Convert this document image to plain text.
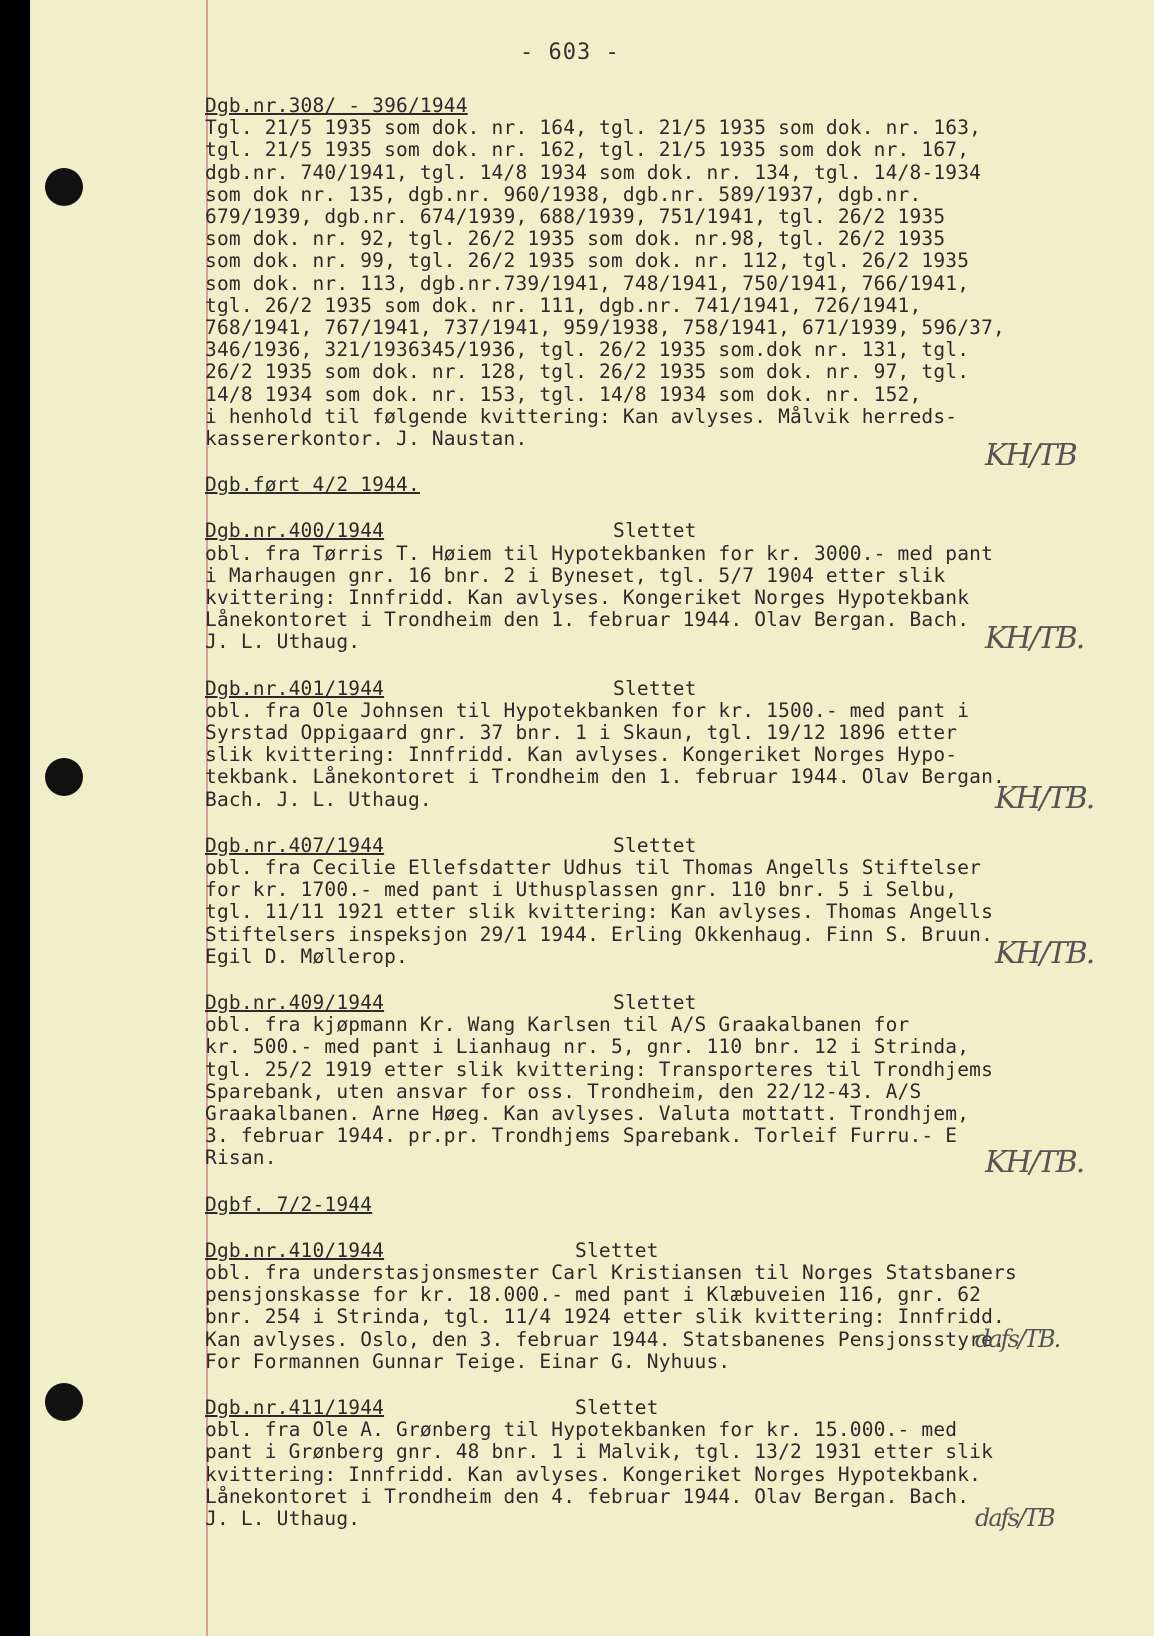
- 603 -
Dgb.nr.308/ - 396/1944

Tgl. 21/5 1935 som dok. nr. 164, tgl. 21/5 1935 som dok. nr. 163,
tgl. 21/5 1935 som dok. nr. 162, tgl. 21/5 1935 som dok nr. 167,
dgb.nr. 740/1941, tgl. 14/8 1934 som dok. nr. 134, tgl. 14/8-1934
som dok nr. 135, dgb.nr. 960/1938, dgb.nr. 589/1937, dgb.nr.
679/1939, dgb.nr. 674/1939, 688/1939, 751/1941, tgl. 26/2 1935
som dok. nr. 92, tgl. 26/2 1935 som dok. nr.98, tgl. 26/2 1935
som dok. nr. 99, tgl. 26/2 1935 som dok. nr. 112, tgl. 26/2 1935
som dok. nr. 113, dgb.nr.739/1941, 748/1941, 750/1941, 766/1941,
tgl. 26/2 1935 som dok. nr. 111, dgb.nr. 741/1941, 726/1941,
768/1941, 767/1941, 737/1941, 959/1938, 758/1941, 671/1939, 596/37,
346/1936, 321/1936345/1936, tgl. 26/2 1935 som.dok nr. 131, tgl.
26/2 1935 som dok. nr. 128, tgl. 26/2 1935 som dok. nr. 97, tgl.
14/8 1934 som dok. nr. 153, tgl. 14/8 1934 som dok. nr. 152,
i henhold til følgende kvittering: Kan avlyses. Målvik herreds-
kassererkontor. J. Naustan.	KH/TB
Dgb.ført 4/2 1944.
Dgb.nr.400/1944	Slettet

obl. fra Tørris T. Høiem til Hypotekbanken for kr. 3000.- med pant
i Marhaugen gnr. 16 bnr. 2 i Byneset, tgl. 5/7 1904 etter slik
kvittering: Innfridd. Kan avlyses. Kongeriket Norges Hypotekbank
Lånekontoret i Trondheim den 1. februar 1944. Olav Bergan. Bach.
J. L. Uthaug.	KH/TB.
Dgb.nr.401/1944	Slettet

obl. fra Ole Johnsen til Hypotekbanken for kr. 1500.- med pant i
Syrstad Oppigaard gnr. 37 bnr. 1 i Skaun, tgl. 19/12 1896 etter
slik kvittering: Innfridd. Kan avlyses. Kongeriket Norges Hypo-
tekbank. Lånekontoret i Trondheim den 1. februar 1944. Olav Bergan.
Bach. J. L. Uthaug.	KH/TB.
Dgb.nr.407/1944	Slettet

obl. fra Cecilie Ellefsdatter Udhus til Thomas Angells Stiftelser
for kr. 1700.- med pant i Uthusplassen gnr. 110 bnr. 5 i Selbu,
tgl. 11/11 1921 etter slik kvittering: Kan avlyses. Thomas Angells
Stiftelsers inspeksjon 29/1 1944. Erling Okkenhaug. Finn S. Bruun.
Egil D. Møllerop.	KH/TB.
Dgb.nr.409/1944	Slettet

obl. fra kjøpmann Kr. Wang Karlsen til A/S Graakalbanen for
kr. 500.- med pant i Lianhaug nr. 5, gnr. 110 bnr. 12 i Strinda,
tgl. 25/2 1919 etter slik kvittering: Transporteres til Trondhjems
Sparebank, uten ansvar for oss. Trondheim, den 22/12-43. A/S
Graakalbanen. Arne Høeg. Kan avlyses. Valuta mottatt. Trondhjem,
3. februar 1944. pr.pr. Trondhjems Sparebank. Torleif Furru.- E
Risan.	KH/TB.
Dgbf. 7/2-1944
Dgb.nr.410/1944	Slettet

obl. fra understasjonsmester Carl Kristiansen til Norges Statsbaners
pensjonskasse for kr. 18.000.- med pant i Klæbuveien 116, gnr. 62
bnr. 254 i Strinda, tgl. 11/4 1924 etter slik kvittering: Innfridd.
Kan avlyses. Oslo, den 3. februar 1944. Statsbanenes Pensjonsstyre.
For Formannen Gunnar Teige. Einar G. Nyhuus.

dafs/TB.
Dgb.nr.411/1944	Slettet

obl. fra Ole A. Grønberg til Hypotekbanken for kr. 15.000.- med
pant i Grønberg gnr. 48 bnr. 1 i Malvik, tgl. 13/2 1931 etter slik
kvittering: Innfridd. Kan avlyses. Kongeriket Norges Hypotekbank.
Lånekontoret i Trondheim den 4. februar 1944. Olav Bergan. Bach.
J. L. Uthaug.	dafs/TB
